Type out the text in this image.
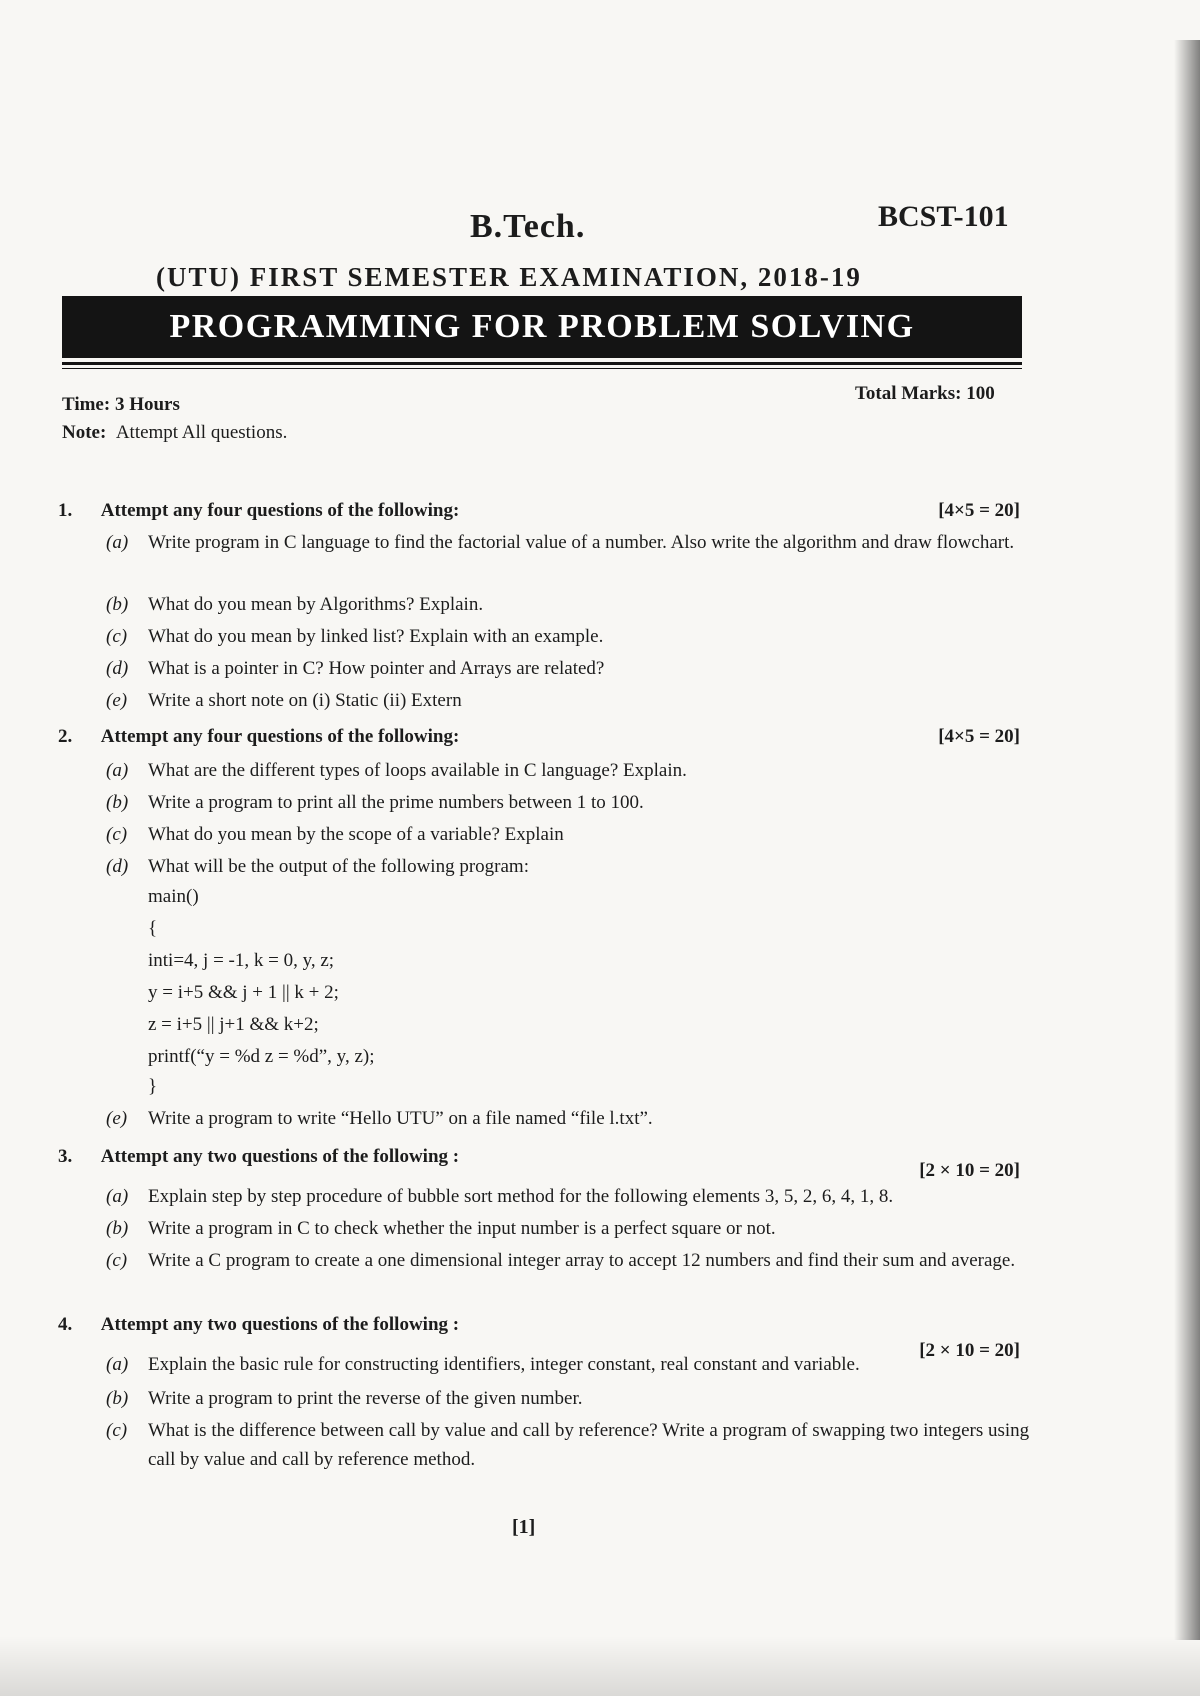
B.Tech.	BCST-101
(UTU) FIRST SEMESTER EXAMINATION, 2018-19
PROGRAMMING FOR PROBLEM SOLVING
Time: 3 Hours
Total Marks: 100
Note: Attempt All questions.
1. Attempt any four questions of the following:	[4×5 = 20]
(a) Write program in C language to find the factorial value of a number. Also write the algorithm and draw flowchart.
(b) What do you mean by Algorithms? Explain.
(c) What do you mean by linked list? Explain with an example.
(d) What is a pointer in C? How pointer and Arrays are related?
(e) Write a short note on (i) Static (ii) Extern
2. Attempt any four questions of the following:	[4×5 = 20]
(a) What are the different types of loops available in C language? Explain.
(b) Write a program to print all the prime numbers between 1 to 100.
(c) What do you mean by the scope of a variable? Explain
(d) What will be the output of the following program:
main()
{
inti=4, j = -1, k = 0, y, z;
y = i+5 && j + 1 || k + 2;
z = i+5 || j+1 && k+2;
printf(“y = %d z = %d”, y, z);
}
(e) Write a program to write “Hello UTU” on a file named “file l.txt”.
3. Attempt any two questions of the following :
[2 × 10 = 20]
(a) Explain step by step procedure of bubble sort method for the following elements 3, 5, 2, 6, 4, 1, 8.
(b) Write a program in C to check whether the input number is a perfect square or not.
(c) Write a C program to create a one dimensional integer array to accept 12 numbers and find their sum and average.
4. Attempt any two questions of the following :
[2 × 10 = 20]
(a) Explain the basic rule for constructing identifiers, integer constant, real constant and variable.
(b) Write a program to print the reverse of the given number.
(c) What is the difference between call by value and call by reference? Write a program of swapping two integers using call by value and call by reference method.
[1]
